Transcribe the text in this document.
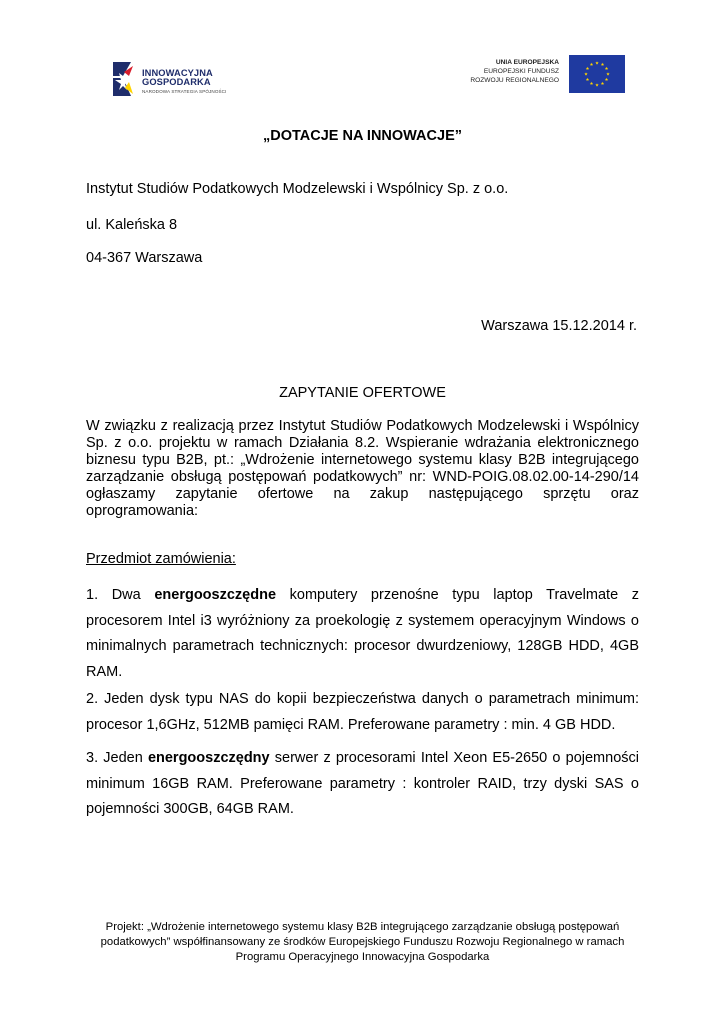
INNOWACYJNA
GOSPODARKA
NARODOWA STRATEGIA SPÓJNOŚCI
UNIA EUROPEJSKA
EUROPEJSKI FUNDUSZ
ROZWOJU REGIONALNEGO
„DOTACJE NA INNOWACJE”
Instytut Studiów Podatkowych Modzelewski i Wspólnicy Sp. z o.o.
ul. Kaleńska 8
04-367 Warszawa
Warszawa 15.12.2014 r.
ZAPYTANIE OFERTOWE
W związku z realizacją przez Instytut Studiów Podatkowych Modzelewski i Wspólnicy Sp. z o.o. projektu w ramach Działania 8.2. Wspieranie wdrażania elektronicznego biznesu typu B2B, pt.: „Wdrożenie internetowego systemu klasy B2B integrującego zarządzanie obsługą postępowań podatkowych” nr: WND-POIG.08.02.00-14-290/14 ogłaszamy zapytanie ofertowe na zakup następującego sprzętu oraz oprogramowania:
Przedmiot zamówienia:
1. Dwa energooszczędne komputery przenośne typu laptop Travelmate z procesorem Intel i3 wyróżniony za proekologię z systemem operacyjnym Windows o minimalnych parametrach technicznych: procesor dwurdzeniowy, 128GB HDD, 4GB RAM.
2. Jeden dysk typu NAS do kopii bezpieczeństwa danych o parametrach minimum: procesor 1,6GHz, 512MB pamięci RAM. Preferowane parametry : min. 4 GB HDD.
3. Jeden energooszczędny serwer z procesorami Intel Xeon E5-2650 o pojemności minimum 16GB RAM. Preferowane parametry : kontroler RAID, trzy dyski SAS o pojemności 300GB, 64GB RAM.
Projekt: „Wdrożenie internetowego systemu klasy B2B integrującego zarządzanie obsługą postępowań podatkowych” współfinansowany ze środków Europejskiego Funduszu Rozwoju Regionalnego w ramach Programu Operacyjnego Innowacyjna Gospodarka
